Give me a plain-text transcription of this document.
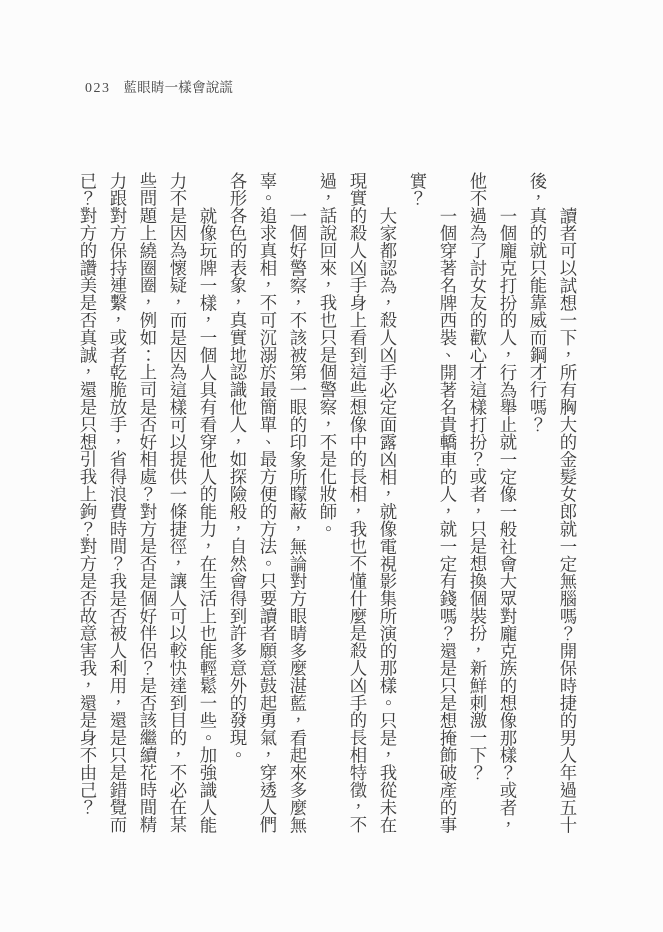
023 藍眼睛一樣會說謊

讀者可以試想一下，所有胸大的金髮女郎就一定無腦嗎？開保時捷的男人年過五十後，真的就只能靠威而鋼才行嗎？

一個龐克打扮的人，行為舉止就一定像一般社會大眾對龐克族的想像那樣？或者，他不過為了討女友的歡心才這樣打扮？或者，只是想換個裝扮，新鮮刺激一下？

一個穿著名牌西裝、開著名貴轎車的人，就一定有錢嗎？還是只是想掩飾破產的事實？

大家都認為，殺人凶手必定面露凶相，就像電視影集所演的那樣。只是，我從未在現實的殺人凶手身上看到這些想像中的長相，我也不懂什麼是殺人凶手的長相特徵，不過，話說回來，我也只是個警察，不是化妝師。

一個好警察，不該被第一眼的印象所矇蔽，無論對方眼睛多麼湛藍，看起來多麼無辜。追求真相，不可沉溺於最簡單、最方便的方法。只要讀者願意鼓起勇氣，穿透人們各形各色的表象，真實地認識他人，如探險般，自然會得到許多意外的發現。

就像玩牌一樣，一個人具有看穿他人的能力，在生活上也能輕鬆一些。加強識人能力不是因為懷疑，而是因為這樣可以提供一條捷徑，讓人可以較快達到目的，不必在某些問題上繞圈圈，例如：上司是否好相處？對方是否是個好伴侶？是否該繼續花時間精力跟對方保持連繫，或者乾脆放手，省得浪費時間？我是否被人利用，還是只是錯覺而已？對方的讚美是否真誠，還是只想引我上鉤？對方是否故意害我，還是身不由己？
